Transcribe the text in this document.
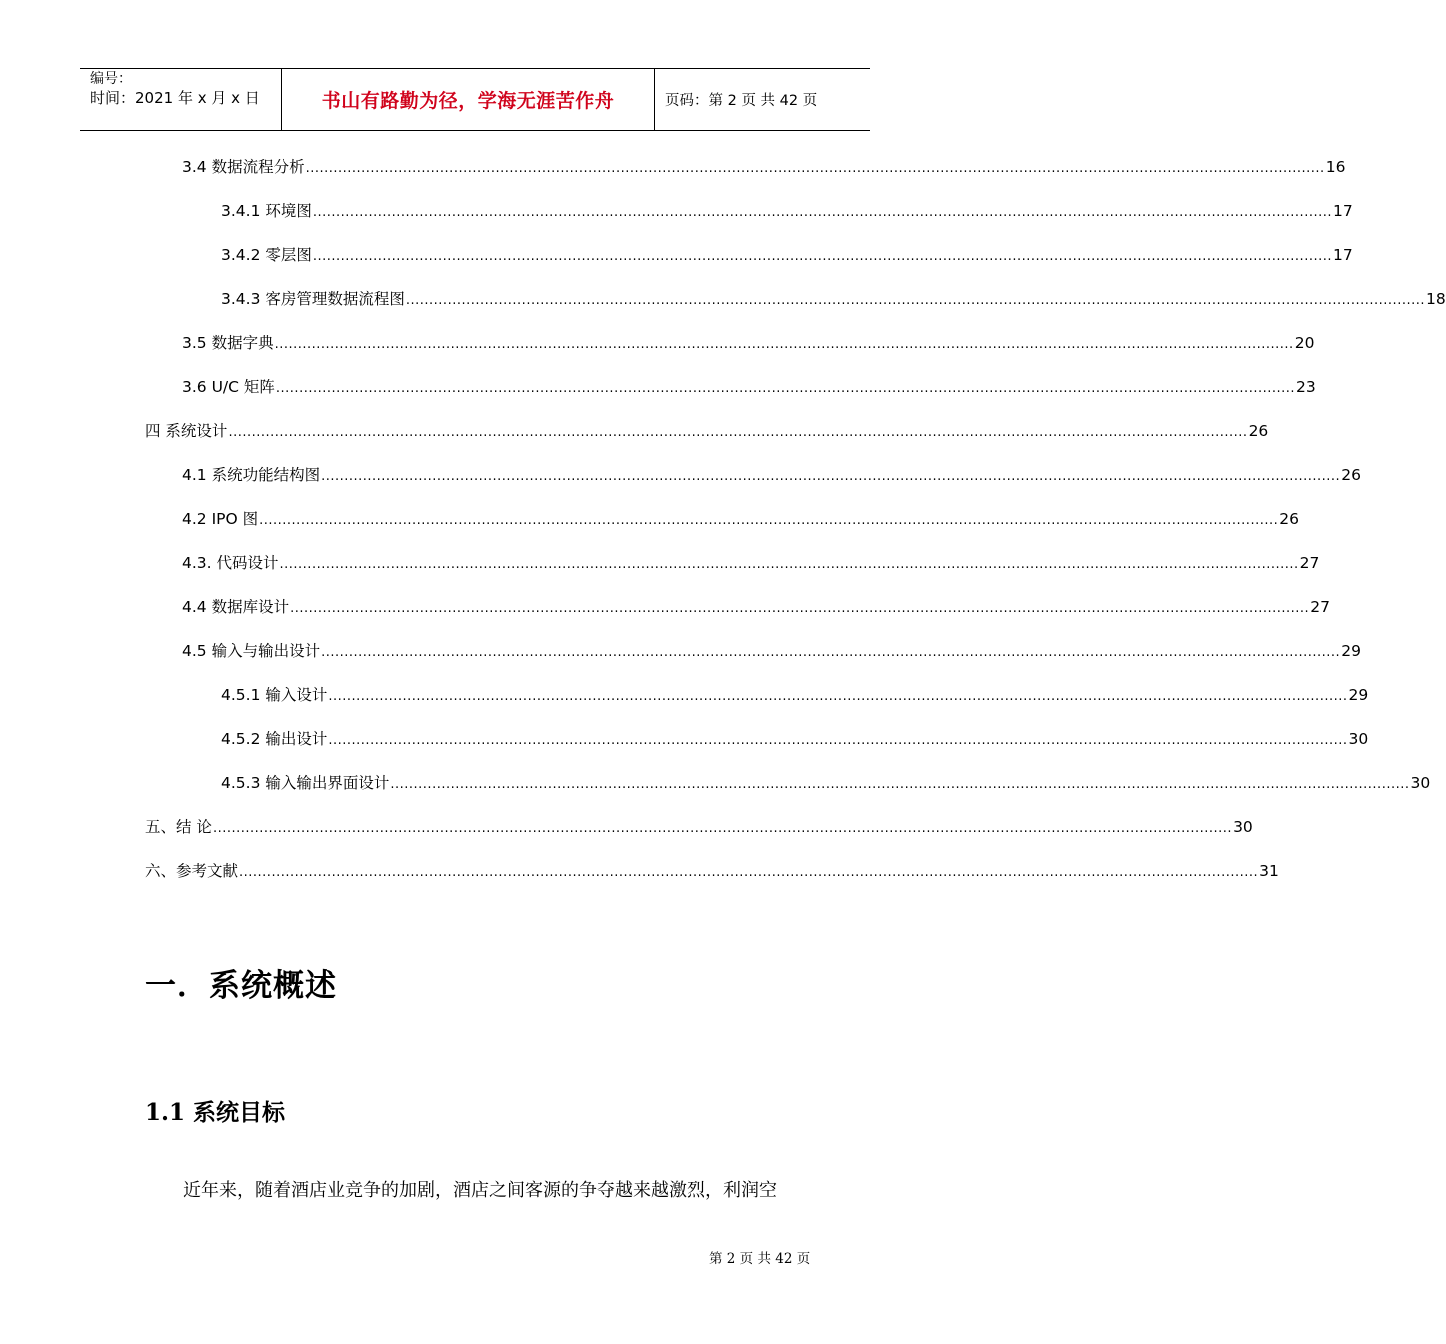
编号：
时间：2021 年 x 月 x 日	书山有路勤为径，学海无涯苦作舟	页码：第 2 页 共 42 页
3.4 数据流程分析 ............................................................................................................................................................................................................................ 16
3.4.1 环境图 ............................................................................................................................................................................................................................ 17
3.4.2 零层图 ............................................................................................................................................................................................................................ 17
3.4.3 客房管理数据流程图 ............................................................................................................................................................................................................................ 18
3.5 数据字典 ............................................................................................................................................................................................................................ 20
3.6 U/C 矩阵 ............................................................................................................................................................................................................................ 23
四 系统设计 ............................................................................................................................................................................................................................ 26
4.1 系统功能结构图 ............................................................................................................................................................................................................................ 26
4.2 IPO 图 ............................................................................................................................................................................................................................ 26
4.3. 代码设计 ............................................................................................................................................................................................................................ 27
4.4 数据库设计 ............................................................................................................................................................................................................................ 27
4.5 输入与输出设计 ............................................................................................................................................................................................................................ 29
4.5.1 输入设计 ............................................................................................................................................................................................................................ 29
4.5.2 输出设计 ............................................................................................................................................................................................................................ 30
4.5.3 输入输出界面设计 ............................................................................................................................................................................................................................ 30
五、结 论 ............................................................................................................................................................................................................................ 30
六、参考文献 ............................................................................................................................................................................................................................ 31
一．系统概述
1.1 系统目标
近年来，随着酒店业竞争的加剧，酒店之间客源的争夺越来越激烈，利润空
第 2 页 共 42 页
